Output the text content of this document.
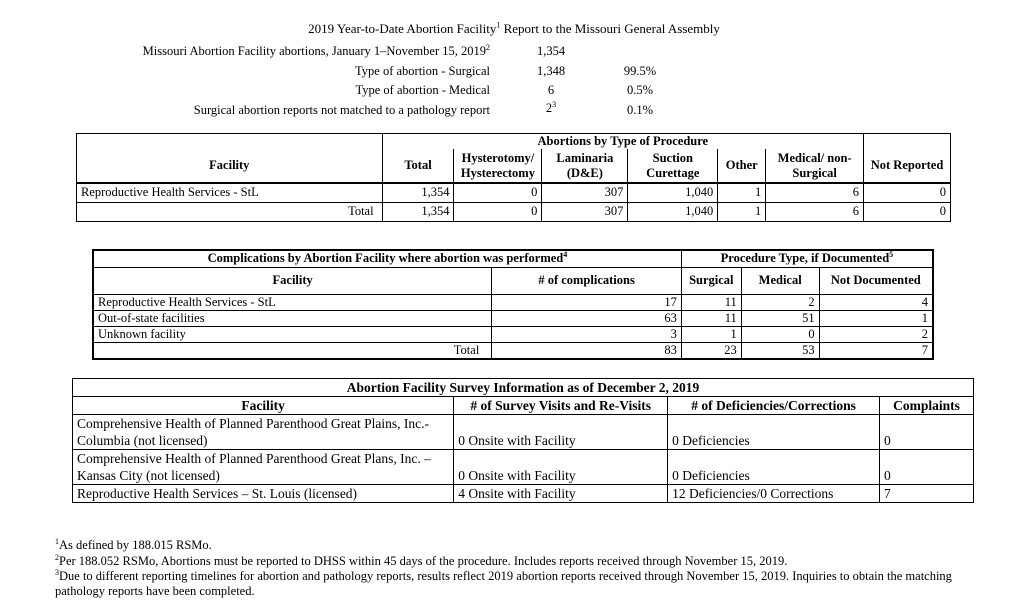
2019 Year-to-Date Abortion Facility$^1$ Report to the Missouri General Assembly
Missouri Abortion Facility abortions, January 1–November 15, 2019$^2$	1,354
Type of abortion - Surgical	1,348	99.5%
Type of abortion - Medical	6	0.5%
Surgical abortion reports not matched to a pathology report	$2^3$	0.1%
	Abortions by Type of Procedure						
Facility	Total	Hysterotomy/ Hysterectomy	Laminaria (D&E)	Suction Curettage	Other	Medical/ non-Surgical	Not Reported
Reproductive Health Services - StL	1,354	0	307	1,040	1	6	0
Total	1,354	0	307	1,040	1	6	0
Complications by Abortion Facility where abortion was performed$^4$		Procedure Type, if Documented$^5$
Facility	# of complications	Surgical	Medical	Not Documented
Reproductive Health Services - StL	17	11	2	4
Out-of-state facilities	63	11	51	1
Unknown facility	3	1	0	2
Total	83	23	53	7
Abortion Facility Survey Information as of December 2, 2019			
Facility	# of Survey Visits and Re-Visits	# of Deficiencies/Corrections	Complaints
Comprehensive Health of Planned Parenthood Great Plains, Inc.-Columbia (not licensed)	0 Onsite with Facility	0 Deficiencies	0
Comprehensive Health of Planned Parenthood Great Plans, Inc. – Kansas City (not licensed)	0 Onsite with Facility	0 Deficiencies	0
Reproductive Health Services – St. Louis (licensed)	4 Onsite with Facility	12 Deficiencies/0 Corrections	7
$^1$As defined by 188.015 RSMo.
$^2$Per 188.052 RSMo, Abortions must be reported to DHSS within 45 days of the procedure. Includes reports received through November 15, 2019.
$^3$Due to different reporting timelines for abortion and pathology reports, results reflect 2019 abortion reports received through November 15, 2019. Inquiries to obtain the matching pathology reports have been completed.
